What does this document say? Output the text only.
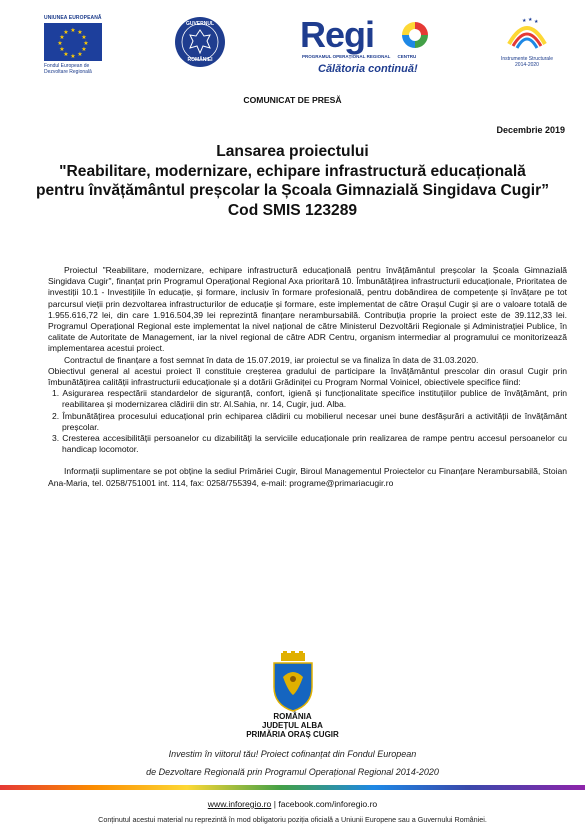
UNIUNEA EUROPEANĂ
★ ★
★
★
★
★
★
★
★
★
★
★
Fondul European de
Dezvoltare Regională
GUVERNUL
ROMÂNIEI
Regi
PROGRAMUL OPERAȚIONAL REGIONAL CENTRU
Călătoria continuă!
★ ★ ★
Instrumente Structurale
2014-2020
COMUNICAT DE PRESĂ
Decembrie 2019
Lansarea proiectului
"Reabilitare, modernizare, echipare infrastructură educațională
pentru învățământul preșcolar la Școala Gimnazială Singidava Cugir”
Cod SMIS 123289

Proiectul "Reabilitare, modernizare, echipare infrastructură educațională pentru învățământul preșcolar la Școala Gimnazială Singidava Cugir", finanțat prin Programul Operațional Regional Axa prioritară 10. Îmbunătățirea infrastructurii educaționale, Prioritatea de investiții 10.1 - Investițiile în educație, și formare, inclusiv în formare profesională, pentru dobândirea de competențe și învățare pe tot parcursul vieții prin dezvoltarea infrastructurilor de educație și formare, este implementat de către Orașul Cugir și are o valoare totală de 1.955.616,72 lei, din care 1.916.504,39 lei reprezintă finanțare nerambursabilă. Contribuția proprie la proiect este de 39.112,33 lei. Programul Operațional Regional este implementat la nivel național de către Ministerul Dezvoltării Regionale și Administrației Publice, în calitate de Autoritate de Management, iar la nivel regional de către ADR Centru, organism intermediar al programului ce monitorizează implementarea acestui proiect.

Contractul de finanțare a fost semnat în data de 15.07.2019, iar proiectul se va finaliza în data de 31.03.2020.

Obiectivul general al acestui proiect îl constituie creșterea gradului de participare la învățământul prescolar din orasul Cugir prin îmbunătățirea calității infrastructurii educaționale și a dotării Grădiniței cu Program Normal Voinicel, obiectivele specifice fiind:

1. Asigurarea respectării standardelor de siguranță, confort, igienă și funcționalitate specifice instituțiilor publice de învățământ, prin reabilitarea și modernizarea clădirii din str. Al.Sahia, nr. 14, Cugir, jud. Alba.

2. Îmbunătățirea procesului educațional prin echiparea clădirii cu mobilierul necesar unei bune desfășurări a activității de învățământ preșcolar.

3. Cresterea accesibilității persoanelor cu dizabilități la serviciile educaționale prin realizarea de rampe pentru accesul persoanelor cu handicap locomotor.

Informații suplimentare se pot obține la sediul Primăriei Cugir, Biroul Managementul Proiectelor cu Finanțare Nerambursabilă, Stoian Ana-Maria, tel. 0258/751001 int. 114, fax: 0258/755394, e-mail: programe@primariacugir.ro

ROMÂNIA
JUDEȚUL ALBA
PRIMĂRIA ORAȘ CUGIR
Investim în viitorul tău! Proiect cofinanțat din Fondul European
de Dezvoltare Regională prin Programul Operațional Regional 2014-2020
www.inforegio.ro | facebook.com/inforegio.ro
Conținutul acestui material nu reprezintă în mod obligatoriu poziția oficială a Uniunii Europene sau a Guvernului României.
